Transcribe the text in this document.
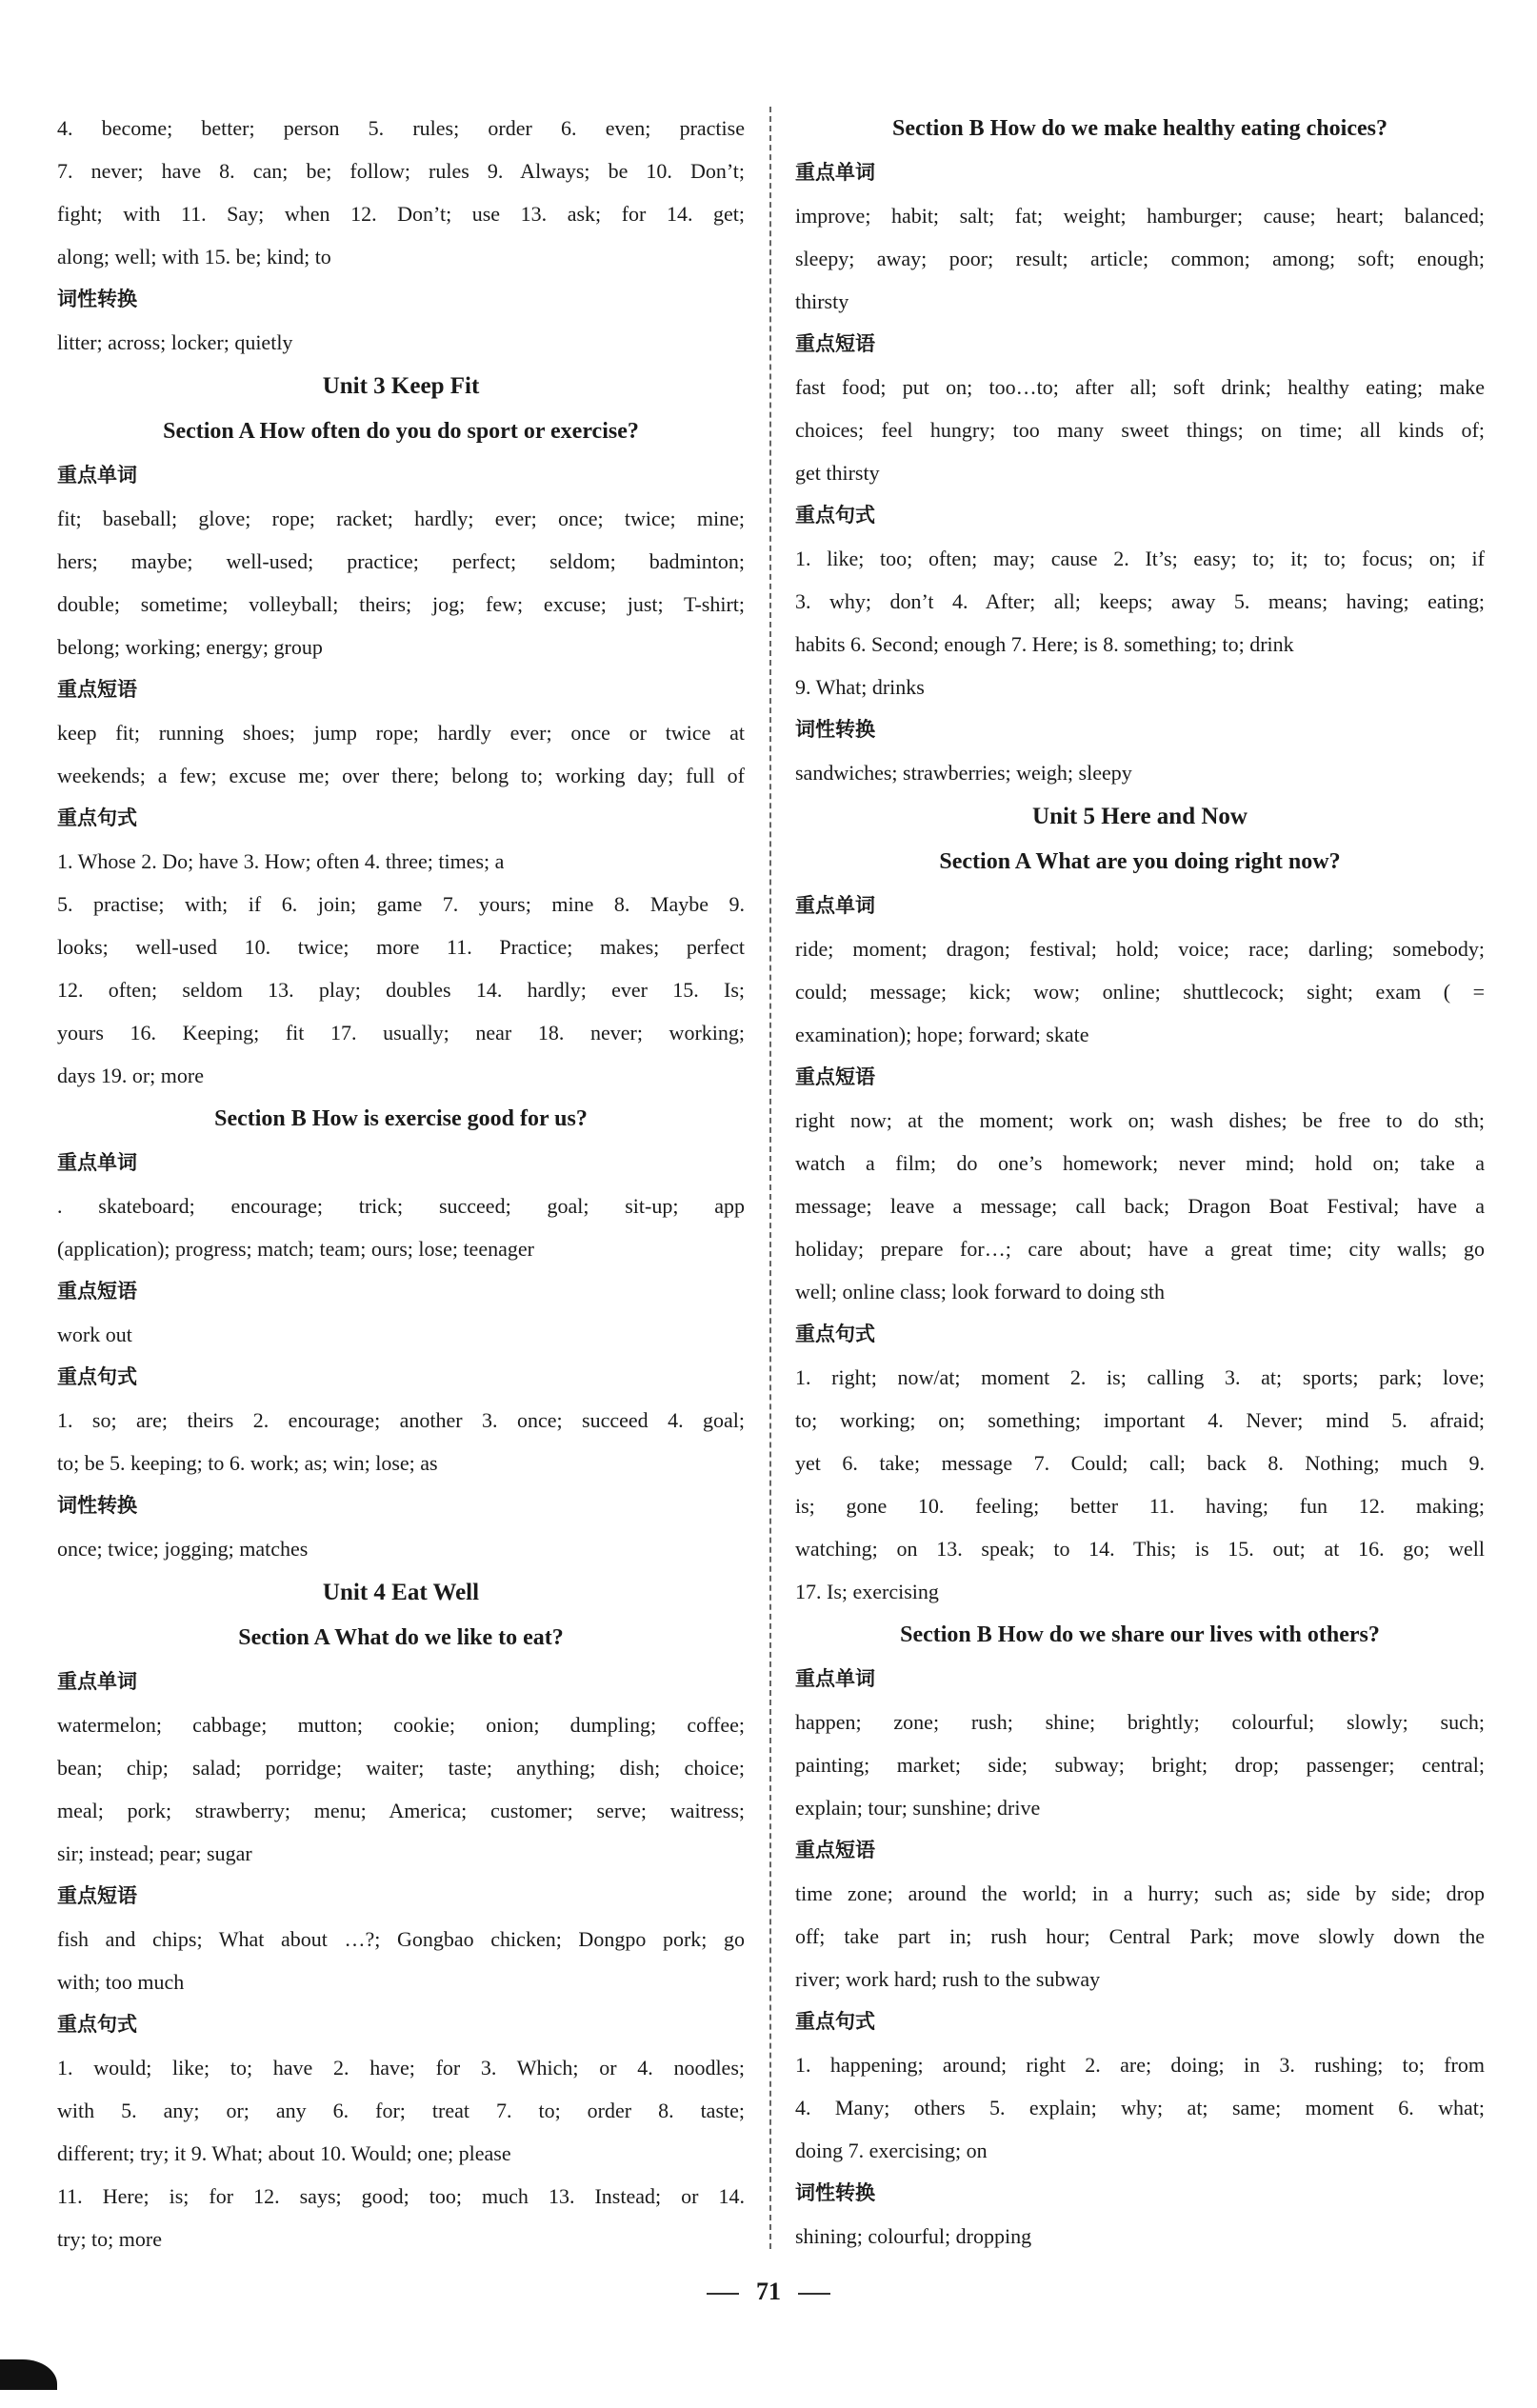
4. become; better; person 5. rules; order 6. even; practise
7. never; have 8. can; be; follow; rules 9. Always; be 10. Don’t;
fight; with 11. Say; when 12. Don’t; use 13. ask; for 14. get;
along; well; with 15. be; kind; to
词性转换
litter; across; locker; quietly
Unit 3 Keep Fit
Section A How often do you do sport or exercise?
重点单词
fit; baseball; glove; rope; racket; hardly; ever; once; twice; mine;
hers; maybe; well-used; practice; perfect; seldom; badminton;
double; sometime; volleyball; theirs; jog; few; excuse; just; T-shirt;
belong; working; energy; group
重点短语
keep fit; running shoes; jump rope; hardly ever; once or twice at
weekends; a few; excuse me; over there; belong to; working day; full of
重点句式
1. Whose 2. Do; have 3. How; often 4. three; times; a
5. practise; with; if 6. join; game 7. yours; mine 8. Maybe 9.
looks; well-used 10. twice; more 11. Practice; makes; perfect
12. often; seldom 13. play; doubles 14. hardly; ever 15. Is;
yours 16. Keeping; fit 17. usually; near 18. never; working;
days 19. or; more
Section B How is exercise good for us?
重点单词
. skateboard; encourage; trick; succeed; goal; sit-up; app
(application); progress; match; team; ours; lose; teenager
重点短语
work out
重点句式
1. so; are; theirs 2. encourage; another 3. once; succeed 4. goal;
to; be 5. keeping; to 6. work; as; win; lose; as
词性转换
once; twice; jogging; matches
Unit 4 Eat Well
Section A What do we like to eat?
重点单词
watermelon; cabbage; mutton; cookie; onion; dumpling; coffee;
bean; chip; salad; porridge; waiter; taste; anything; dish; choice;
meal; pork; strawberry; menu; America; customer; serve; waitress;
sir; instead; pear; sugar
重点短语
fish and chips; What about …?; Gongbao chicken; Dongpo pork; go
with; too much
重点句式
1. would; like; to; have 2. have; for 3. Which; or 4. noodles;
with 5. any; or; any 6. for; treat 7. to; order 8. taste;
different; try; it 9. What; about 10. Would; one; please
11. Here; is; for 12. says; good; too; much 13. Instead; or 14.
try; to; more
Section B How do we make healthy eating choices?
重点单词
improve; habit; salt; fat; weight; hamburger; cause; heart; balanced;
sleepy; away; poor; result; article; common; among; soft; enough;
thirsty
重点短语
fast food; put on; too…to; after all; soft drink; healthy eating; make
choices; feel hungry; too many sweet things; on time; all kinds of;
get thirsty
重点句式
1. like; too; often; may; cause 2. It’s; easy; to; it; to; focus; on; if
3. why; don’t 4. After; all; keeps; away 5. means; having; eating;
habits 6. Second; enough 7. Here; is 8. something; to; drink
9. What; drinks
词性转换
sandwiches; strawberries; weigh; sleepy
Unit 5 Here and Now
Section A What are you doing right now?
重点单词
ride; moment; dragon; festival; hold; voice; race; darling; somebody;
could; message; kick; wow; online; shuttlecock; sight; exam ( =
examination); hope; forward; skate
重点短语
right now; at the moment; work on; wash dishes; be free to do sth;
watch a film; do one’s homework; never mind; hold on; take a
message; leave a message; call back; Dragon Boat Festival; have a
holiday; prepare for…; care about; have a great time; city walls; go
well; online class; look forward to doing sth
重点句式
1. right; now/at; moment 2. is; calling 3. at; sports; park; love;
to; working; on; something; important 4. Never; mind 5. afraid;
yet 6. take; message 7. Could; call; back 8. Nothing; much 9.
is; gone 10. feeling; better 11. having; fun 12. making;
watching; on 13. speak; to 14. This; is 15. out; at 16. go; well
17. Is; exercising
Section B How do we share our lives with others?
重点单词
happen; zone; rush; shine; brightly; colourful; slowly; such;
painting; market; side; subway; bright; drop; passenger; central;
explain; tour; sunshine; drive
重点短语
time zone; around the world; in a hurry; such as; side by side; drop
off; take part in; rush hour; Central Park; move slowly down the
river; work hard; rush to the subway
重点句式
1. happening; around; right 2. are; doing; in 3. rushing; to; from
4. Many; others 5. explain; why; at; same; moment 6. what;
doing 7. exercising; on
词性转换
shining; colourful; dropping
71
